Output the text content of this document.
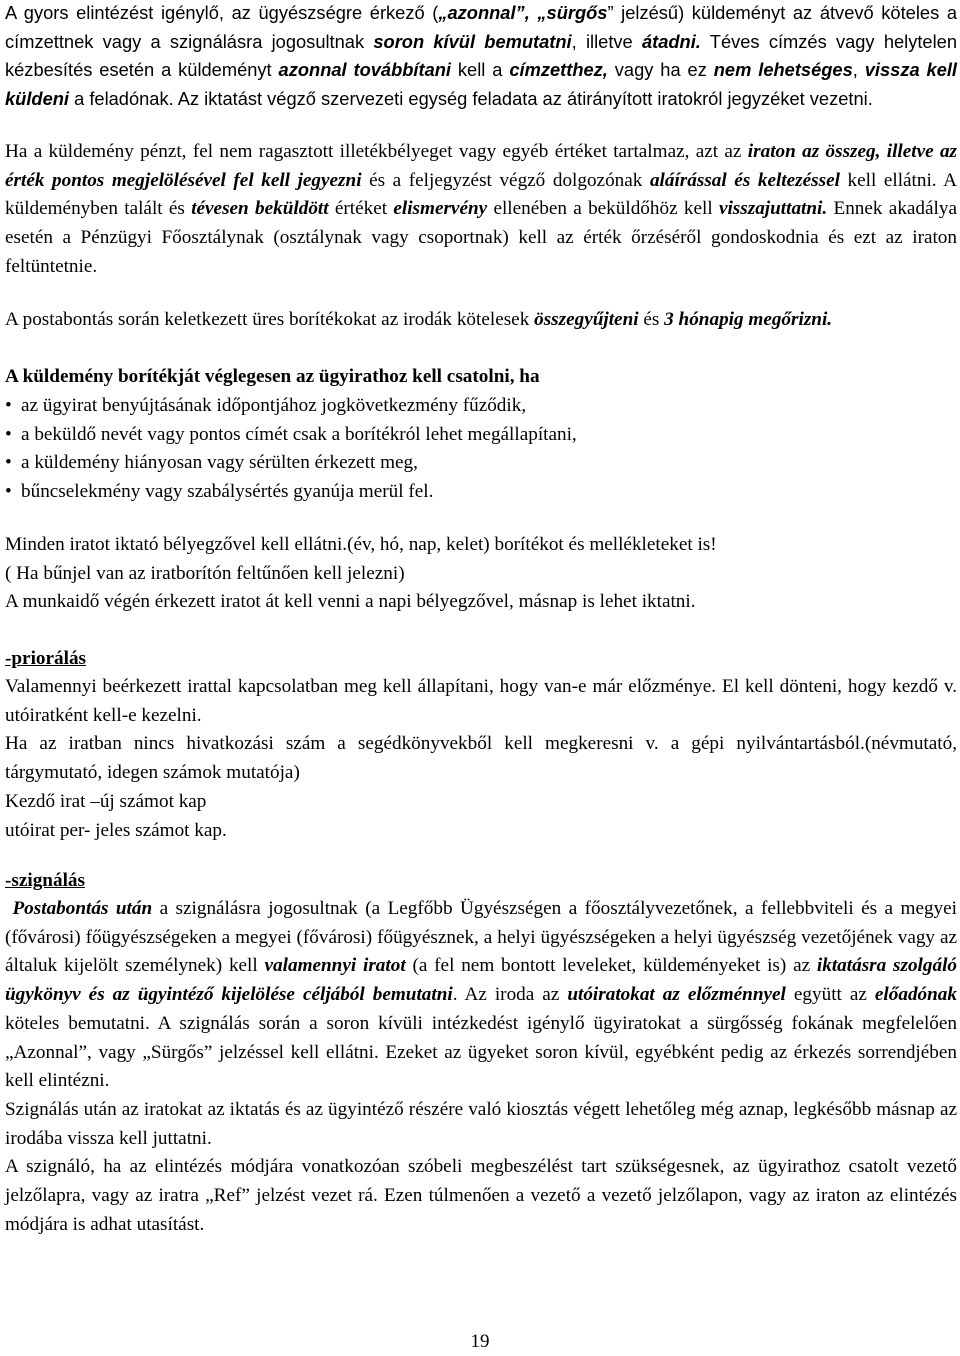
A gyors elintézést igénylő, az ügyészségre érkező („azonnal”, „sürgős” jelzésű) küldeményt az átvevő köteles a címzettnek vagy a szignálásra jogosultnak soron kívül bemutatni, illetve átadni. Téves címzés vagy helytelen kézbesítés esetén a küldeményt azonnal továbbítani kell a címzetthez, vagy ha ez nem lehetséges, vissza kell küldeni a feladónak. Az iktatást végző szervezeti egység feladata az átirányított iratokról jegyzéket vezetni.

Ha a küldemény pénzt, fel nem ragasztott illetékbélyeget vagy egyéb értéket tartalmaz, azt az iraton az összeg, illetve az érték pontos megjelölésével fel kell jegyezni és a feljegyzést végző dolgozónak aláírással és keltezéssel kell ellátni. A küldeményben talált és tévesen beküldött értéket elismervény ellenében a beküldőhöz kell visszajuttatni. Ennek akadálya esetén a Pénzügyi Főosztálynak (osztálynak vagy csoportnak) kell az érték őrzéséről gondoskodnia és ezt az iraton feltüntetnie.

A postabontás során keletkezett üres borítékokat az irodák kötelesek összegyűjteni és 3 hónapig megőrizni.

A küldemény borítékját véglegesen az ügyirathoz kell csatolni, ha

• az ügyirat benyújtásának időpontjához jogkövetkezmény fűződik,
• a beküldő nevét vagy pontos címét csak a borítékról lehet megállapítani,
• a küldemény hiányosan vagy sérülten érkezett meg,
• bűncselekmény vagy szabálysértés gyanúja merül fel.
Minden iratot iktató bélyegzővel kell ellátni.(év, hó, nap, kelet) borítékot és mellékleteket is!
( Ha bűnjel van az iratborítón feltűnően kell jelezni)
A munkaidő végén érkezett iratot át kell venni a napi bélyegzővel, másnap is lehet iktatni.

-priorálás

Valamennyi beérkezett irattal kapcsolatban meg kell állapítani, hogy van-e már előzménye. El kell dönteni, hogy kezdő v. utóiratként kell-e kezelni.
Ha az iratban nincs hivatkozási szám a segédkönyvekből kell megkeresni v. a gépi nyilvántartásból.(névmutató, tárgymutató, idegen számok mutatója)
Kezdő irat –új számot kap
utóirat per- jeles számot kap.

-szignálás

Postabontás után a szignálásra jogosultnak (a Legfőbb Ügyészségen a főosztályvezetőnek, a fellebbviteli és a megyei (fővárosi) főügyészségeken a megyei (fővárosi) főügyésznek, a helyi ügyészségeken a helyi ügyészség vezetőjének vagy az általuk kijelölt személynek) kell valamennyi iratot (a fel nem bontott leveleket, küldeményeket is) az iktatásra szolgáló ügykönyv és az ügyintéző kijelölése céljából bemutatni. Az iroda az utóiratokat az előzménnyel együtt az előadónak köteles bemutatni. A szignálás során a soron kívüli intézkedést igénylő ügyiratokat a sürgősség fokának megfelelően „Azonnal”, vagy „Sürgős” jelzéssel kell ellátni. Ezeket az ügyeket soron kívül, egyébként pedig az érkezés sorrendjében kell elintézni.
Szignálás után az iratokat az iktatás és az ügyintéző részére való kiosztás végett lehetőleg még aznap, legkésőbb másnap az irodába vissza kell juttatni.
A szignáló, ha az elintézés módjára vonatkozóan szóbeli megbeszélést tart szükségesnek, az ügyirathoz csatolt vezető jelzőlapra, vagy az iratra „Ref” jelzést vezet rá. Ezen túlmenően a vezető a vezető jelzőlapon, vagy az iraton az elintézés módjára is adhat utasítást.

19
